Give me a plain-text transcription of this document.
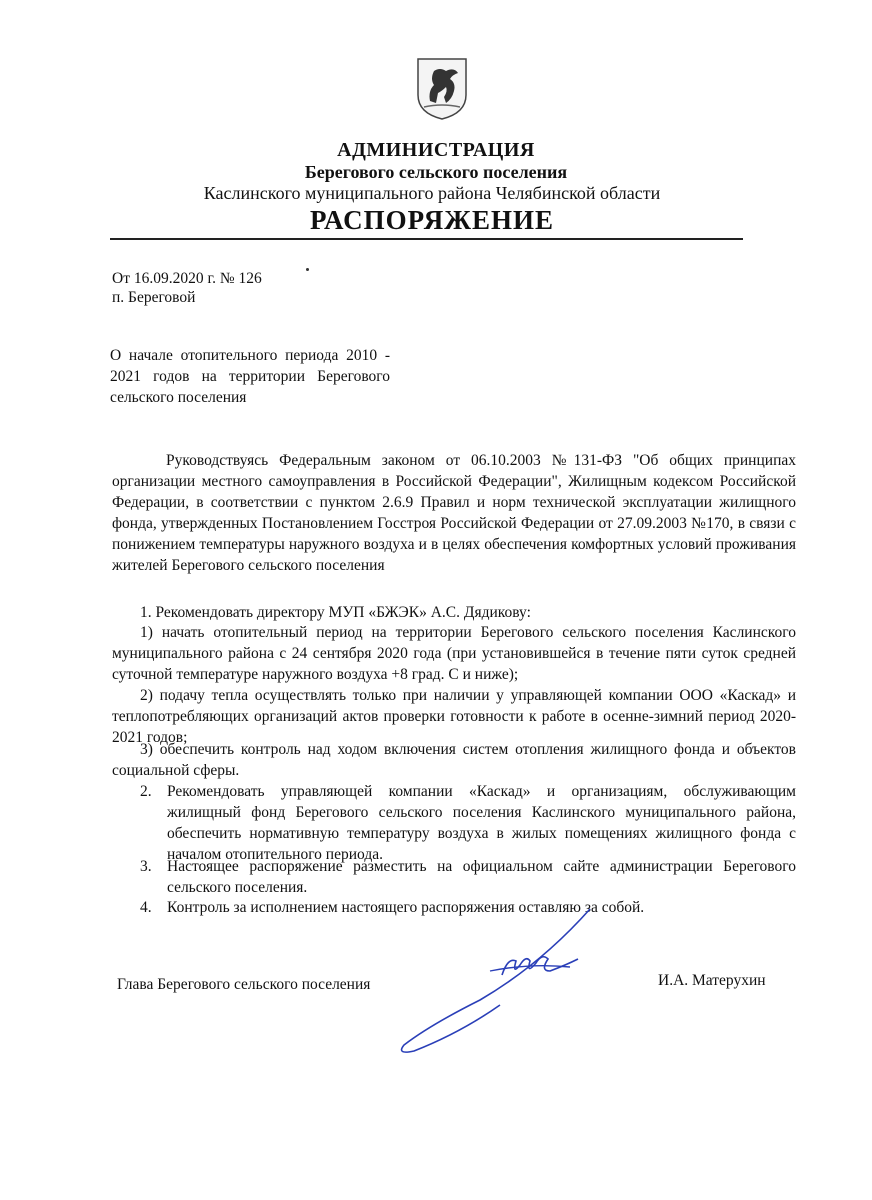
АДМИНИСТРАЦИЯ
Берегового сельского поселения
Каслинского муниципального района Челябинской области
РАСПОРЯЖЕНИЕ
От 16.09.2020 г. № 126
п. Береговой
О начале отопительного периода 2010 - 2021 годов на территории Берегового сельского поселения
Руководствуясь Федеральным законом от 06.10.2003 №131-ФЗ "Об общих принципах организации местного самоуправления в Российской Федерации", Жилищным кодексом Российской Федерации, в соответствии с пунктом 2.6.9 Правил и норм технической эксплуатации жилищного фонда, утвержденных Постановлением Госстроя Российской Федерации от 27.09.2003 №170, в связи с понижением температуры наружного воздуха и в целях обеспечения комфортных условий проживания жителей Берегового сельского поселения
1. Рекомендовать директору МУП «БЖЭК» А.С. Дядикову:
1) начать отопительный период на территории Берегового сельского поселения Каслинского муниципального района с 24 сентября 2020 года (при установившейся в течение пяти суток средней суточной температуре наружного воздуха +8 град. С и ниже);
2) подачу тепла осуществлять только при наличии у управляющей компании ООО «Каскад» и теплопотребляющих организаций актов проверки готовности к работе в осенне-зимний период 2020-2021 годов;
3) обеспечить контроль над ходом включения систем отопления жилищного фонда и объектов социальной сферы.
2. Рекомендовать управляющей компании «Каскад» и организациям, обслуживающим жилищный фонд Берегового сельского поселения Каслинского муниципального района, обеспечить нормативную температуру воздуха в жилых помещениях жилищного фонда с началом отопительного периода.
3. Настоящее распоряжение разместить на официальном сайте администрации Берегового сельского поселения.
4. Контроль за исполнением настоящего распоряжения оставляю за собой.
Глава Берегового сельского поселения	И.А. Матерухин
